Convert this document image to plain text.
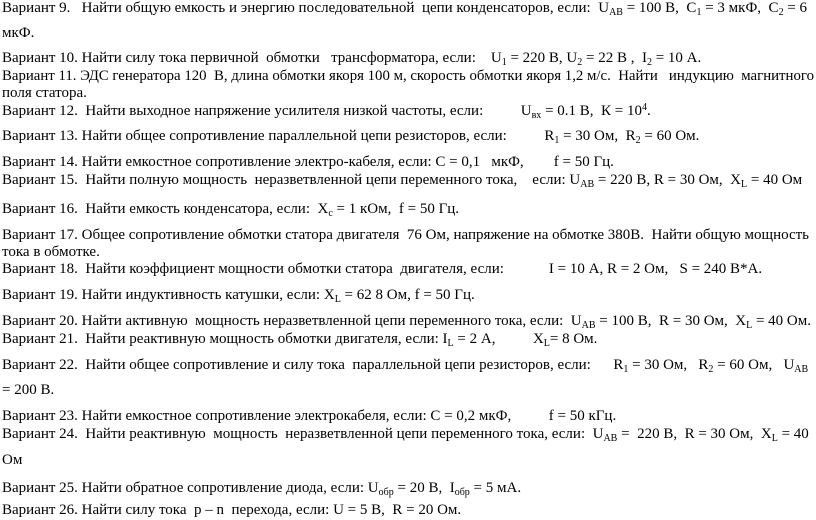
Вариант 9.   Найти общую емкость и энергию последовательной  цепи конденсаторов, если:  $U_{AB} = 100$ В,  $С_1 = 3$ мкФ,  $С_2 = 6$
мкФ.
Вариант 10. Найти силу тока первичной  обмотки   трансформатора, если:    $U_1 = 220$ В, $U_2 = 22$ В ,  $I_2 = 10$ А.
Вариант 11. ЭДС генератора 120  В, длина обмотки якоря 100 м, скорость обмотки якоря 1,2 м/с.  Найти   индукцию  магнитного
поля статора.
Вариант 12.  Найти выходное напряжение усилителя низкой частоты, если:          $U_{вх} = 0.1$ В,  $К = 10^4$.
Вариант 13. Найти общее сопротивление параллельной цепи резисторов, если:          $R_1 = 30$ Ом,  $R_2 = 60$ Ом.
Вариант 14. Найти емкостное сопротивление электро-кабеля, если: С = 0,1   мкФ,        f = 50 Гц.
Вариант 15.  Найти полную мощность  неразветвленной цепи переменного тока,    если: $U_{AB} = 220$ В, R = 30 Ом,  $X_L = 40$ Ом
Вариант 16.  Найти емкость конденсатора, если:  $X_c = 1$ кОм,  f = 50 Гц.
Вариант 17. Общее сопротивление обмотки статора двигателя  76 Ом, напряжение на обмотке 380В.  Найти общую мощность
тока в обмотке.
Вариант 18.  Найти коэффициент мощности обмотки статора  двигателя, если:            I = 10 А, R = 2 Ом,   S = 240 В*А.
Вариант 19. Найти индуктивность катушки, если: $X_L = 62$ 8 Ом, f = 50 Гц.
Вариант 20. Найти активную  мощность неразветвленной цепи переменного тока, если:  $U_{AB} = 100$ В,  R = 30 Ом,  $X_L = 40$ Ом.
Вариант 21.  Найти реактивную мощность обмотки двигателя, если: $I_L = 2$ А,          $X_L= 8$ Ом.
Вариант 22.  Найти общее сопротивление и силу тока  параллельной цепи резисторов, если:      $R_1 = 30$ Ом,   $R_2 = 60$ Ом,   $U_{AB}$
= 200 В.
Вариант 23. Найти емкостное сопротивление электрокабеля, если: С = 0,2 мкФ,          f = 50 кГц.
Вариант 24.  Найти реактивную  мощность  неразветвленной цепи переменного тока, если:  $U_{AB} = 220$ В,  R = 30 Ом,  $X_L = 40$
Ом
Вариант 25. Найти обратное сопротивление диода, если: $U_{обр} = 20$ В,  $I_{обр} = 5$ мА.
Вариант 26. Найти силу тока  p – n  перехода, если: U = 5 В,  R = 20 Ом.
